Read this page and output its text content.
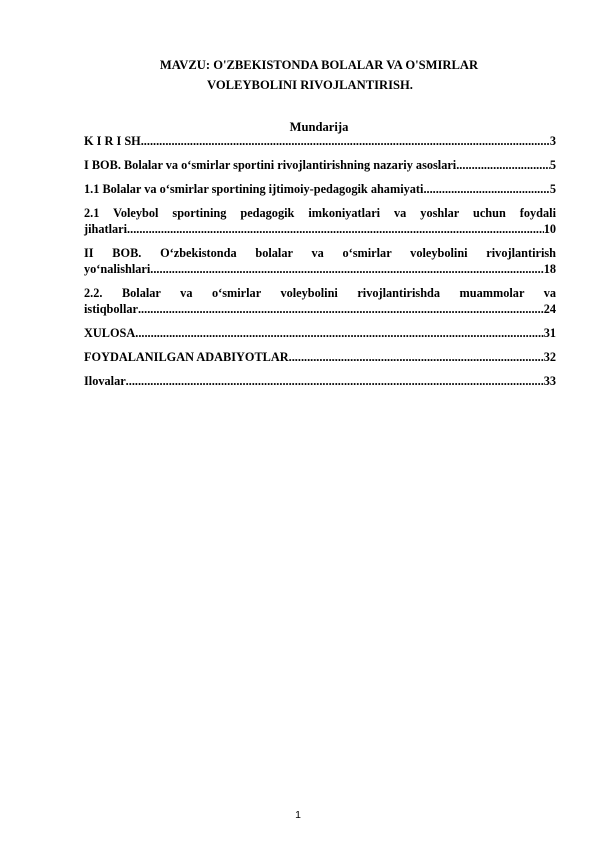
MAVZU: O'ZBEKISTONDA BOLALAR VA O'SMIRLAR
VOLEYBOLINI RIVOJLANTIRISH.
Mundarija
K I R I SH .....	3
I BOB. Bolalar va o‘smirlar sportini rivojlantirishning nazariy asoslari .....	5
1.1 Bolalar va o‘smirlar sportining ijtimoiy-pedagogik ahamiyati .....	5
2.1 Voleybol sportining pedagogik imkoniyatlari va yoshlar uchun foydali
jihatlari .....	10
II BOB. O‘zbekistonda bolalar va o‘smirlar voleybolini rivojlantirish
yo‘nalishlari .....	18
2.2. Bolalar va o‘smirlar voleybolini rivojlantirishda muammolar va
istiqbollar .....	24
XULOSA .....	31
FOYDALANILGAN ADABIYOTLAR .....	32
Ilovalar .....	33
1
